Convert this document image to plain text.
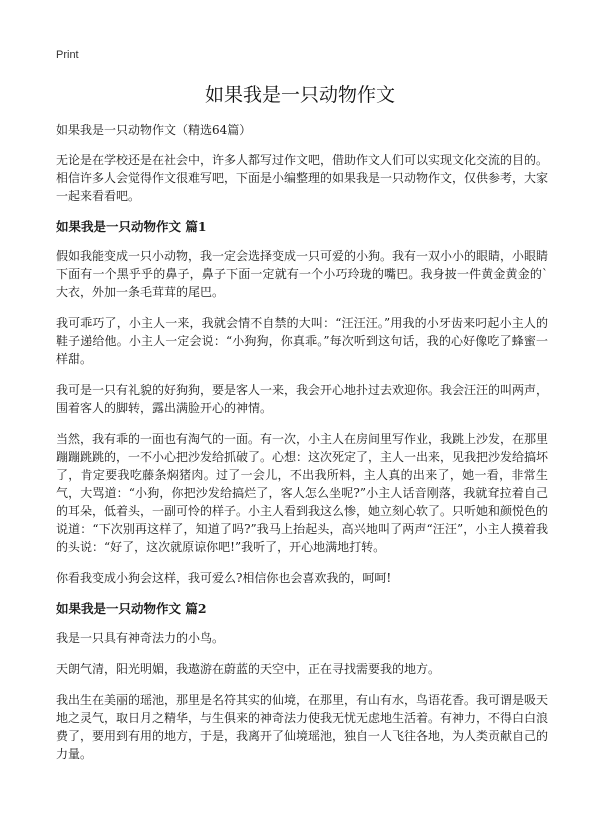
Print
如果我是一只动物作文
如果我是一只动物作文（精选64篇）

无论是在学校还是在社会中，许多人都写过作文吧，借助作文人们可以实现文化交流的目的。相信许多人会觉得作文很难写吧，下面是小编整理的如果我是一只动物作文，仅供参考，大家一起来看看吧。

如果我是一只动物作文 篇1

假如我能变成一只小动物，我一定会选择变成一只可爱的小狗。我有一双小小的眼睛，小眼睛下面有一个黑乎乎的鼻子，鼻子下面一定就有一个小巧玲珑的嘴巴。我身披一件黄金黄金的`大衣，外加一条毛茸茸的尾巴。

我可乖巧了，小主人一来，我就会情不自禁的大叫：“汪汪汪。”用我的小牙齿来叼起小主人的鞋子递给他。小主人一定会说：“小狗狗，你真乖。”每次听到这句话，我的心好像吃了蜂蜜一样甜。

我可是一只有礼貌的好狗狗，要是客人一来，我会开心地扑过去欢迎你。我会汪汪的叫两声，围着客人的脚转，露出满脸开心的神情。

当然，我有乖的一面也有淘气的一面。有一次，小主人在房间里写作业，我跳上沙发，在那里蹦蹦跳跳的，一不小心把沙发给抓破了。心想：这次死定了，主人一出来，见我把沙发给搞坏了，肯定要我吃藤条焖猪肉。过了一会儿，不出我所料，主人真的出来了，她一看，非常生气，大骂道：“小狗，你把沙发给搞烂了，客人怎么坐呢?”小主人话音刚落，我就耷拉着自己的耳朵，低着头，一副可怜的样子。小主人看到我这么惨，她立刻心软了。只听她和颜悦色的说道：“下次别再这样了，知道了吗?”我马上抬起头，高兴地叫了两声“汪汪”，小主人摸着我的头说：“好了，这次就原谅你吧!”我听了，开心地满地打转。

你看我变成小狗会这样，我可爱么?相信你也会喜欢我的，呵呵!

如果我是一只动物作文 篇2

我是一只具有神奇法力的小鸟。

天朗气清，阳光明媚，我遨游在蔚蓝的天空中，正在寻找需要我的地方。

我出生在美丽的瑶池，那里是名符其实的仙境，在那里，有山有水，鸟语花香。我可谓是吸天地之灵气，取日月之精华，与生俱来的神奇法力使我无忧无虑地生活着。有神力，不得白白浪费了，要用到有用的地方，于是，我离开了仙境瑶池，独自一人飞往各地，为人类贡献自己的力量。
